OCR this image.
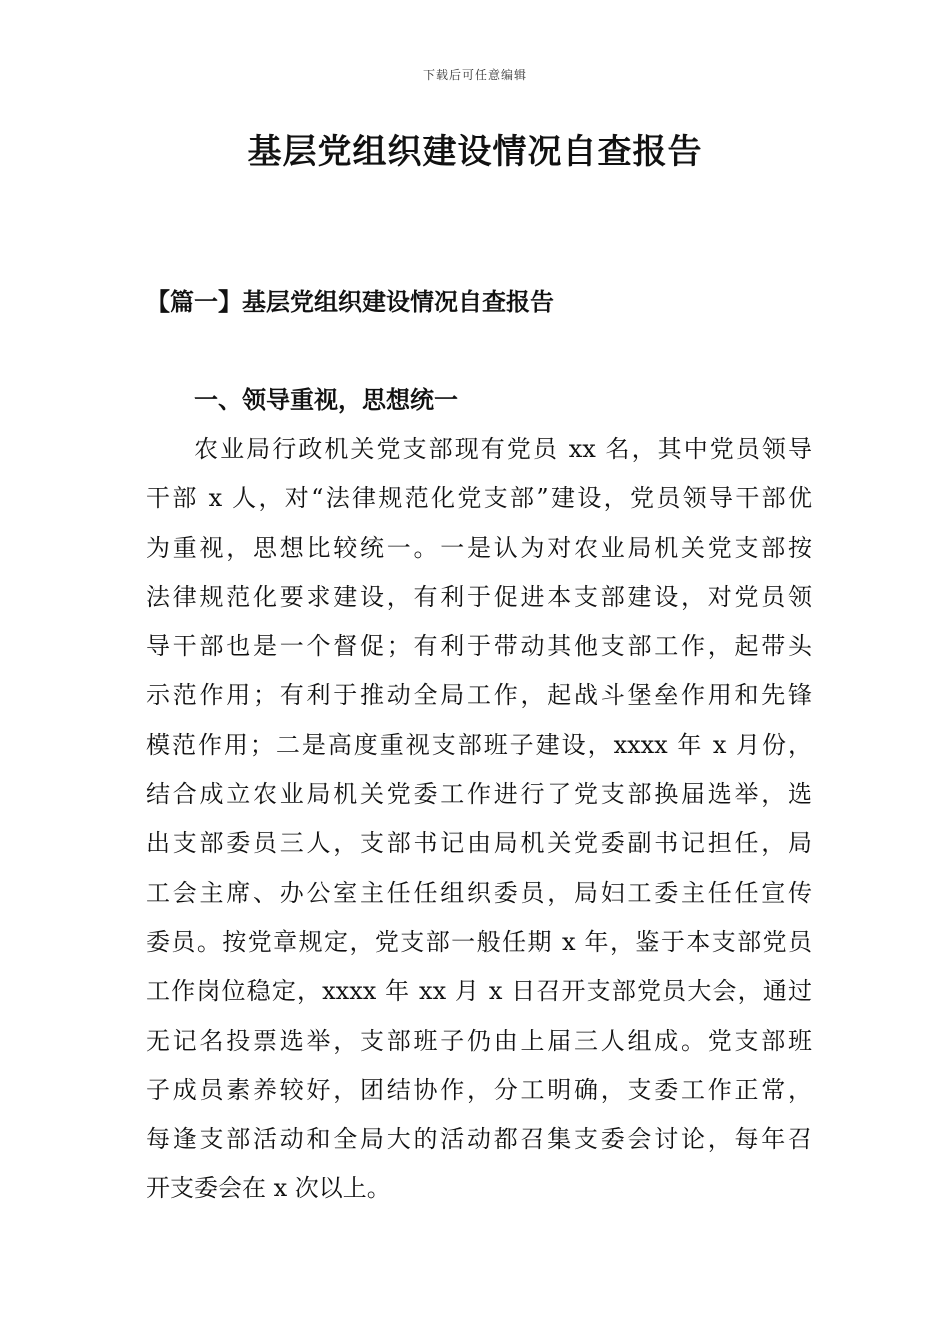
下载后可任意编辑
基层党组织建设情况自查报告
【篇一】基层党组织建设情况自查报告
一、领导重视，思想统一

农业局行政机关党支部现有党员 xx 名，其中党员领导
干部 x 人，对“法律规范化党支部”建设，党员领导干部优
为重视，思想比较统一。一是认为对农业局机关党支部按
法律规范化要求建设，有利于促进本支部建设，对党员领
导干部也是一个督促；有利于带动其他支部工作，起带头
示范作用；有利于推动全局工作，起战斗堡垒作用和先锋
模范作用；二是高度重视支部班子建设，xxxx 年 x 月份，
结合成立农业局机关党委工作进行了党支部换届选举，选
出支部委员三人，支部书记由局机关党委副书记担任，局
工会主席、办公室主任任组织委员，局妇工委主任任宣传
委员。按党章规定，党支部一般任期 x 年，鉴于本支部党员
工作岗位稳定，xxxx 年 xx 月 x 日召开支部党员大会，通过
无记名投票选举，支部班子仍由上届三人组成。党支部班
子成员素养较好，团结协作，分工明确，支委工作正常，
每逢支部活动和全局大的活动都召集支委会讨论，每年召
开支委会在 x 次以上。
